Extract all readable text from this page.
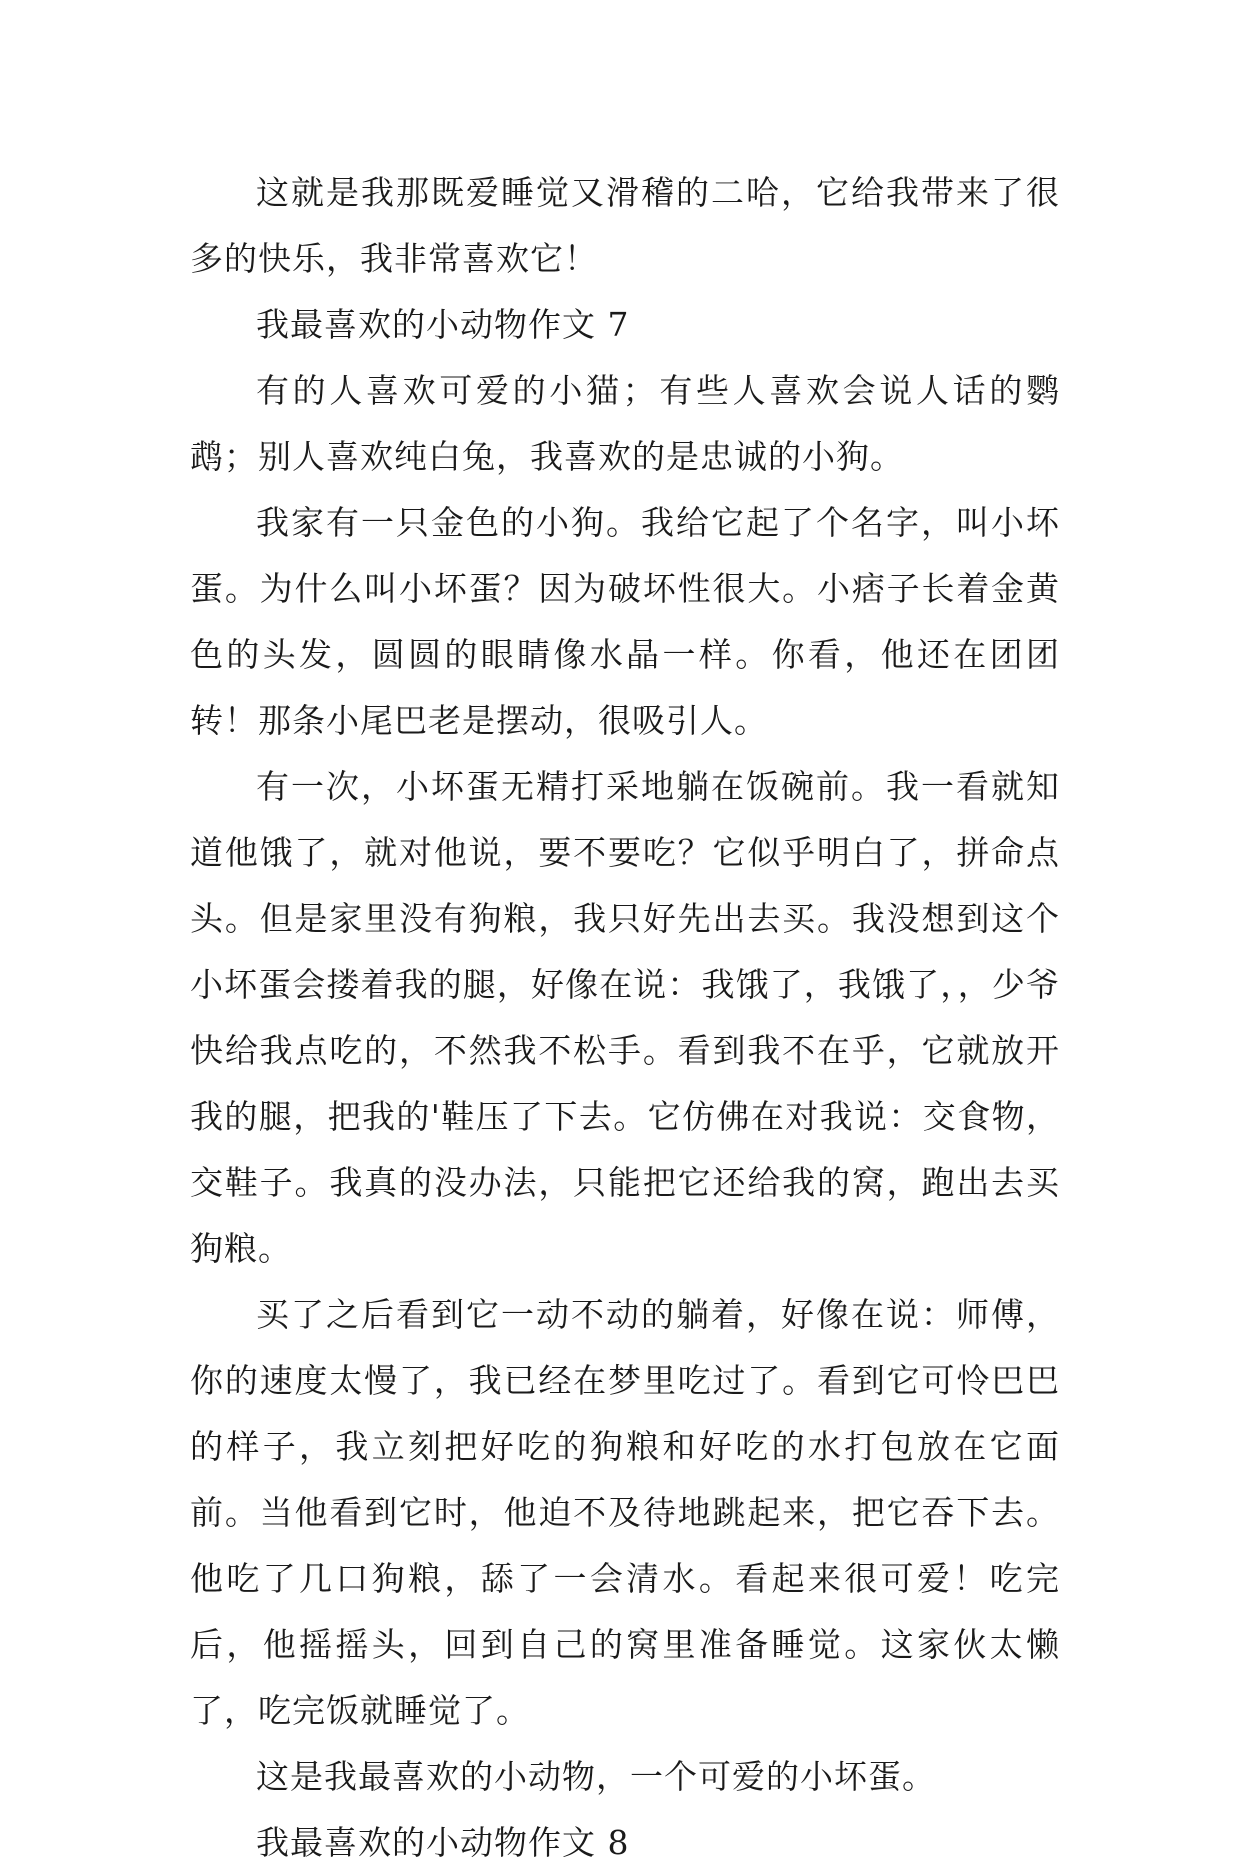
这就是我那既爱睡觉又滑稽的二哈，它给我带来了很多的快乐，我非常喜欢它！

我最喜欢的小动物作文 7

有的人喜欢可爱的小猫；有些人喜欢会说人话的鹦鹉；别人喜欢纯白兔，我喜欢的是忠诚的小狗。

我家有一只金色的小狗。我给它起了个名字，叫小坏蛋。为什么叫小坏蛋？因为破坏性很大。小痞子长着金黄色的头发，圆圆的眼睛像水晶一样。你看，他还在团团转！那条小尾巴老是摆动，很吸引人。

有一次，小坏蛋无精打采地躺在饭碗前。我一看就知道他饿了，就对他说，要不要吃？它似乎明白了，拼命点头。但是家里没有狗粮，我只好先出去买。我没想到这个小坏蛋会搂着我的腿，好像在说：我饿了，我饿了，，少爷快给我点吃的，不然我不松手。看到我不在乎，它就放开我的腿，把我的'鞋压了下去。它仿佛在对我说：交食物，交鞋子。我真的没办法，只能把它还给我的窝，跑出去买狗粮。

买了之后看到它一动不动的躺着，好像在说：师傅，你的速度太慢了，我已经在梦里吃过了。看到它可怜巴巴的样子，我立刻把好吃的狗粮和好吃的水打包放在它面前。当他看到它时，他迫不及待地跳起来，把它吞下去。他吃了几口狗粮，舔了一会清水。看起来很可爱！吃完后，他摇摇头，回到自己的窝里准备睡觉。这家伙太懒了，吃完饭就睡觉了。

这是我最喜欢的小动物，一个可爱的小坏蛋。

我最喜欢的小动物作文 8
